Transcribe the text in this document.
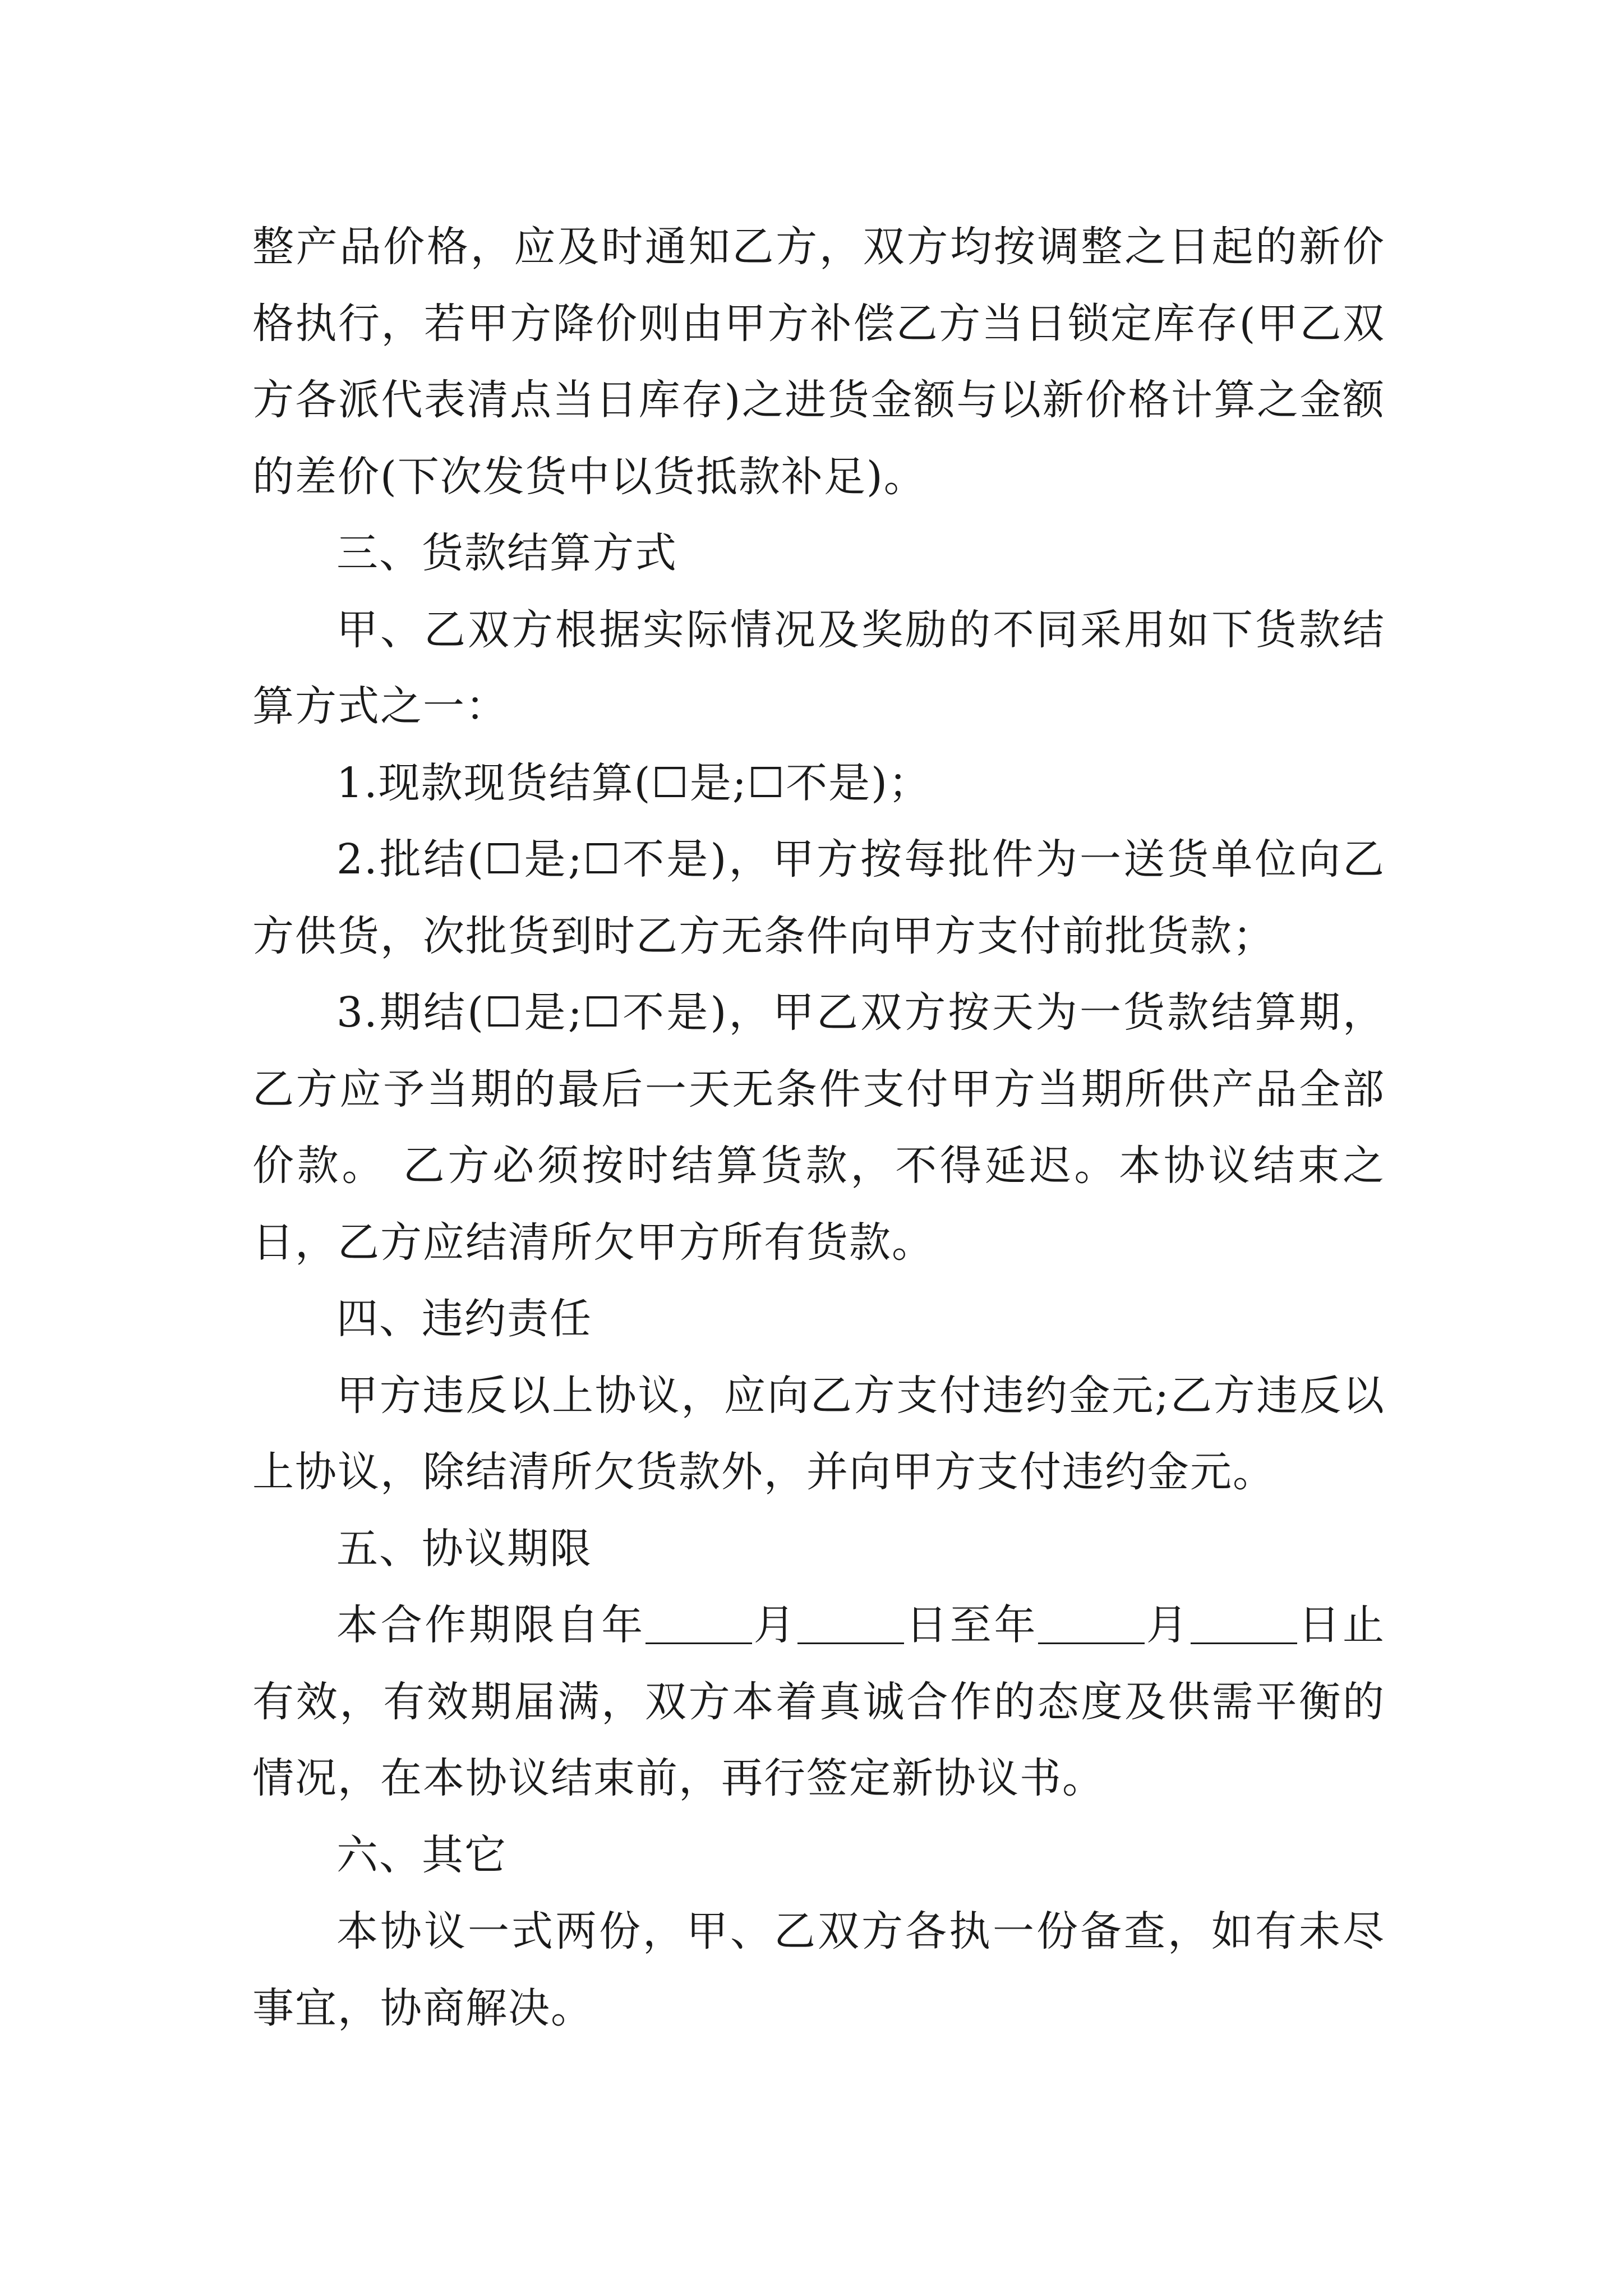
整产品价格，应及时通知乙方，双方均按调整之日起的新价格执行，若甲方降价则由甲方补偿乙方当日锁定库存(甲乙双方各派代表清点当日库存)之进货金额与以新价格计算之金额的差价(下次发货中以货抵款补足)。

三、货款结算方式

甲、乙双方根据实际情况及奖励的不同采用如下货款结算方式之一：

1.现款现货结算(☐是;☐不是)；

2.批结(☐是;☐不是)，甲方按每批件为一送货单位向乙方供货，次批货到时乙方无条件向甲方支付前批货款；

3.期结(☐是;☐不是)，甲乙双方按天为一货款结算期，乙方应予当期的最后一天无条件支付甲方当期所供产品全部价款。 乙方必须按时结算货款，不得延迟。本协议结束之日，乙方应结清所欠甲方所有货款。

四、违约责任

甲方违反以上协议，应向乙方支付违约金元;乙方违反以上协议，除结清所欠货款外，并向甲方支付违约金元。

五、协议期限

本合作期限自年	月	日至年	月	日止有效，有效期届满，双方本着真诚合作的态度及供需平衡的情况，在本协议结束前，再行签定新协议书。

六、其它

本协议一式两份，甲、乙双方各执一份备查，如有未尽事宜，协商解决。
